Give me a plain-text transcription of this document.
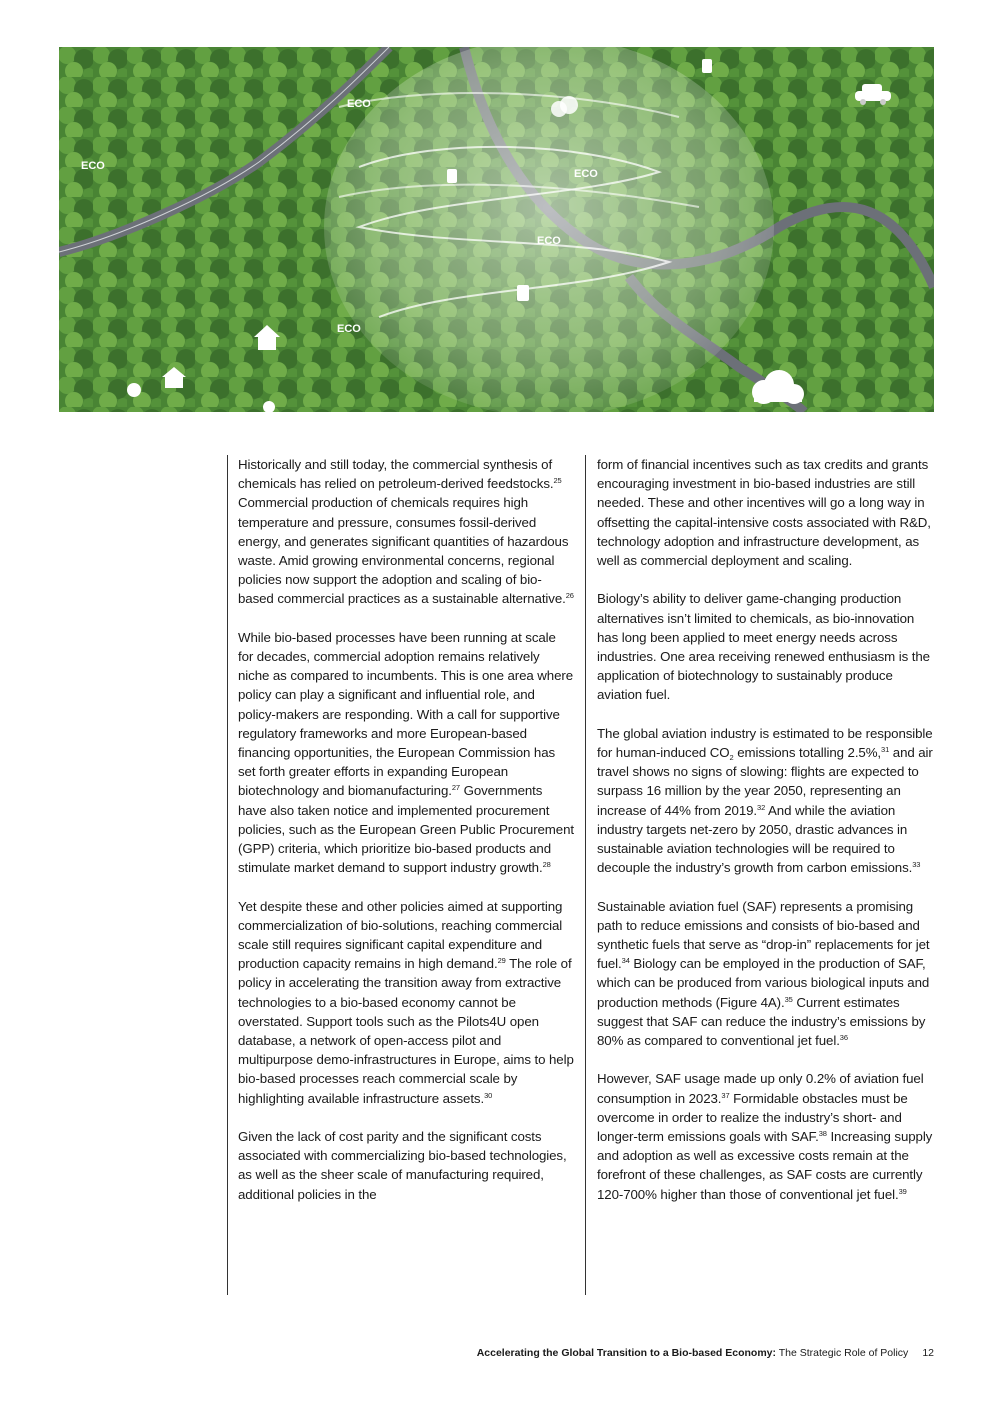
ECO
ECO
ECO
ECO
ECO

Historically and still today, the commercial synthesis of chemicals has relied on petroleum-derived feedstocks.$^{25}$ Commercial production of chemicals requires high temperature and pressure, consumes fossil-derived energy, and generates significant quantities of hazardous waste. Amid growing environmental concerns, regional policies now support the adoption and scaling of bio-based commercial practices as a sustainable alternative.$^{26}$

While bio-based processes have been running at scale for decades, commercial adoption remains relatively niche as compared to incumbents. This is one area where policy can play a significant and influential role, and policy-makers are responding. With a call for supportive regulatory frameworks and more European-based financing opportunities, the European Commission has set forth greater efforts in expanding European biotechnology and biomanufacturing.$^{27}$ Governments have also taken notice and implemented procurement policies, such as the European Green Public Procurement (GPP) criteria, which prioritize bio-based products and stimulate market demand to support industry growth.$^{28}$

Yet despite these and other policies aimed at supporting commercialization of bio-solutions, reaching commercial scale still requires significant capital expenditure and production capacity remains in high demand.$^{29}$ The role of policy in accelerating the transition away from extractive technologies to a bio-based economy cannot be overstated. Support tools such as the Pilots4U open database, a network of open-access pilot and multipurpose demo-infrastructures in Europe, aims to help bio-based processes reach commercial scale by highlighting available infrastructure assets.$^{30}$

Given the lack of cost parity and the significant costs associated with commercializing bio-based technologies, as well as the sheer scale of manufacturing required, additional policies in the

form of financial incentives such as tax credits and grants encouraging investment in bio-based industries are still needed. These and other incentives will go a long way in offsetting the capital-intensive costs associated with R&D, technology adoption and infrastructure development, as well as commercial deployment and scaling.

Biology’s ability to deliver game-changing production alternatives isn’t limited to chemicals, as bio-innovation has long been applied to meet energy needs across industries. One area receiving renewed enthusiasm is the application of biotechnology to sustainably produce aviation fuel.

The global aviation industry is estimated to be responsible for human-induced $CO_2$ emissions totalling 2.5%,$^{31}$ and air travel shows no signs of slowing: flights are expected to surpass 16 million by the year 2050, representing an increase of 44% from 2019.32 And while the aviation industry targets net-zero by 2050, drastic advances in sustainable aviation technologies will be required to decouple the industry’s growth from carbon emissions.$^{33}$

Sustainable aviation fuel (SAF) represents a promising path to reduce emissions and consists of bio-based and synthetic fuels that serve as “drop-in” replacements for jet fuel.$^{34}$ Biology can be employed in the production of SAF, which can be produced from various biological inputs and production methods (Figure 4A).$^{35}$ Current estimates suggest that SAF can reduce the industry’s emissions by 80% as compared to conventional jet fuel.$^{36}$

However, SAF usage made up only 0.2% of aviation fuel consumption in 2023.37 Formidable obstacles must be overcome in order to realize the industry’s short- and longer-term emissions goals with SAF.$^{38}$ Increasing supply and adoption as well as excessive costs remain at the forefront of these challenges, as SAF costs are currently 120-700% higher than those of conventional jet fuel.$^{39}$

Accelerating the Global Transition to a Bio-based Economy: The Strategic Role of Policy 12
